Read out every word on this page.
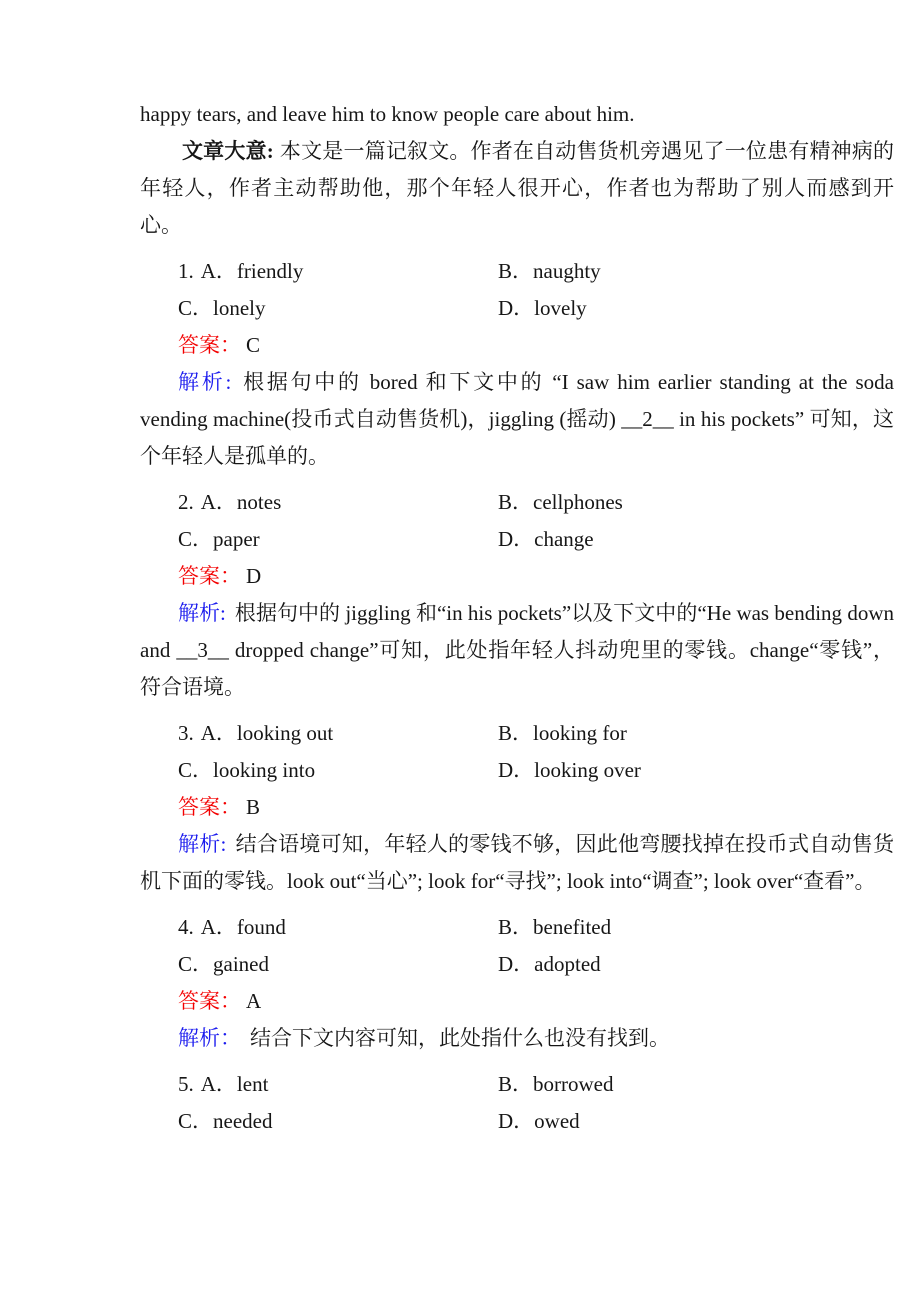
happy tears, and leave him to know people care about him.

文章大意: 本文是一篇记叙文。作者在自动售货机旁遇见了一位患有精神病的年轻人，作者主动帮助他，那个年轻人很开心，作者也为帮助了别人而感到开心。

1. A．friendly	B．naughty
C．lonely	D．lovely

答案： C

解析: 根据句中的 bored 和下文中的 “I saw him earlier standing at the soda vending machine(投币式自动售货机)，jiggling (摇动) __2__ in his pockets” 可知，这个年轻人是孤单的。

2. A．notes	B．cellphones
C．paper	D．change

答案： D

解析: 根据句中的 jiggling 和“in his pockets”以及下文中的“He was bending down and __3__ dropped change”可知，此处指年轻人抖动兜里的零钱。change“零钱”，符合语境。

3. A．looking out	B．looking for
C．looking into	D．looking over

答案： B

解析: 结合语境可知，年轻人的零钱不够，因此他弯腰找掉在投币式自动售货机下面的零钱。look out“当心”; look for“寻找”; look into“调查”; look over“查看”。

4. A．found	B．benefited
C．gained	D．adopted

答案： A

解析： 结合下文内容可知，此处指什么也没有找到。

5. A．lent	B．borrowed
C．needed	D．owed
